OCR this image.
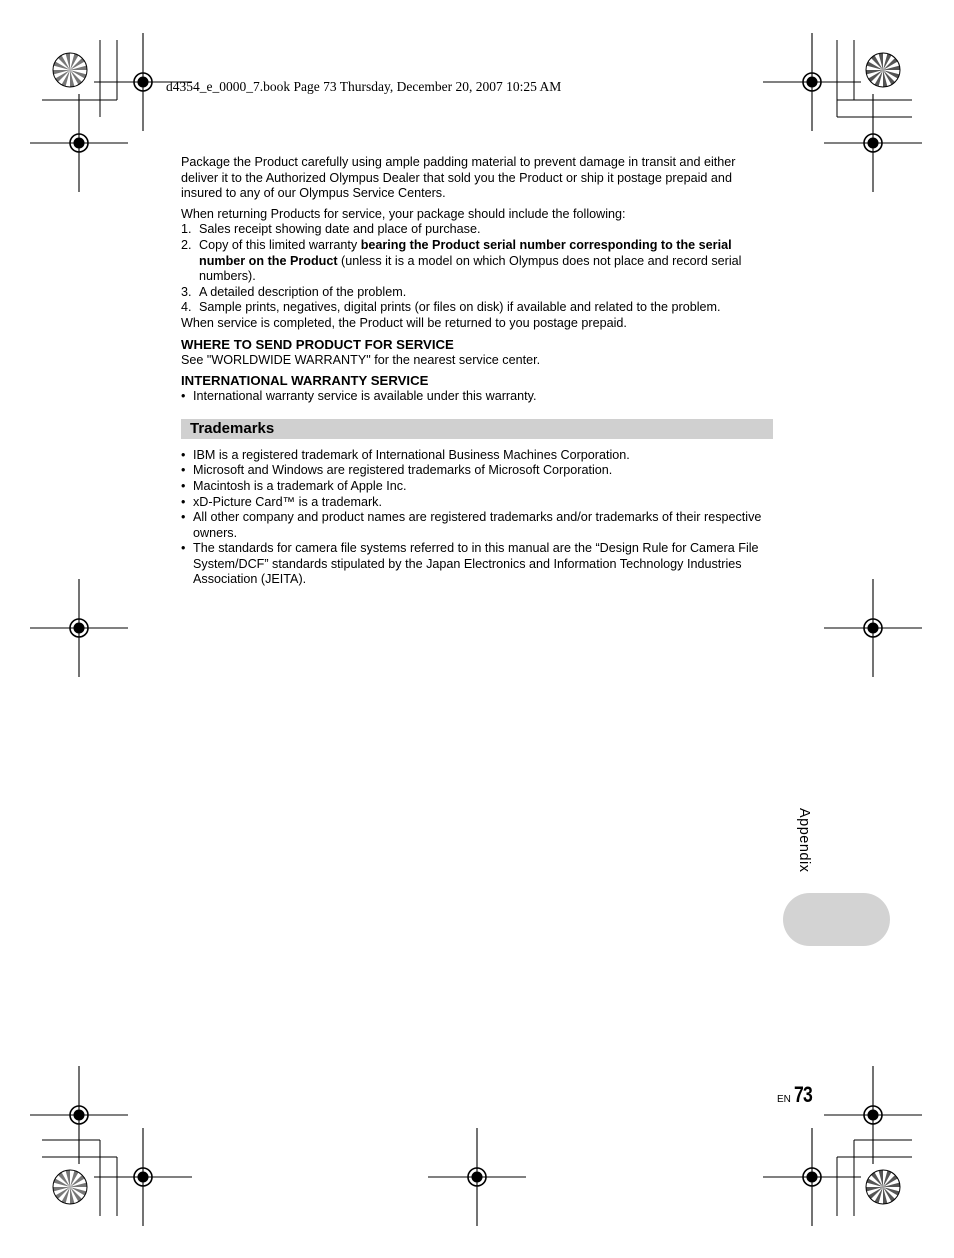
d4354_e_0000_7.book Page 73 Thursday, December 20, 2007 10:25 AM

Package the Product carefully using ample padding material to prevent damage in transit and either deliver it to the Authorized Olympus Dealer that sold you the Product or ship it postage prepaid and insured to any of our Olympus Service Centers.

When returning Products for service, your package should include the following:

1. Sales receipt showing date and place of purchase.
2. Copy of this limited warranty bearing the Product serial number corresponding to the serial number on the Product (unless it is a model on which Olympus does not place and record serial numbers).
3. A detailed description of the problem.
4. Sample prints, negatives, digital prints (or files on disk) if available and related to the problem.

When service is completed, the Product will be returned to you postage prepaid.

WHERE TO SEND PRODUCT FOR SERVICE

See "WORLDWIDE WARRANTY" for the nearest service center.

INTERNATIONAL WARRANTY SERVICE

• International warranty service is available under this warranty.
Trademarks
• IBM is a registered trademark of International Business Machines Corporation.
• Microsoft and Windows are registered trademarks of Microsoft Corporation.
• Macintosh is a trademark of Apple Inc.
• xD-Picture Card™ is a trademark.
• All other company and product names are registered trademarks and/or trademarks of their respective owners.
• The standards for camera file systems referred to in this manual are the “Design Rule for Camera File System/DCF” standards stipulated by the Japan Electronics and Information Technology Industries Association (JEITA).
Appendix
EN 73
